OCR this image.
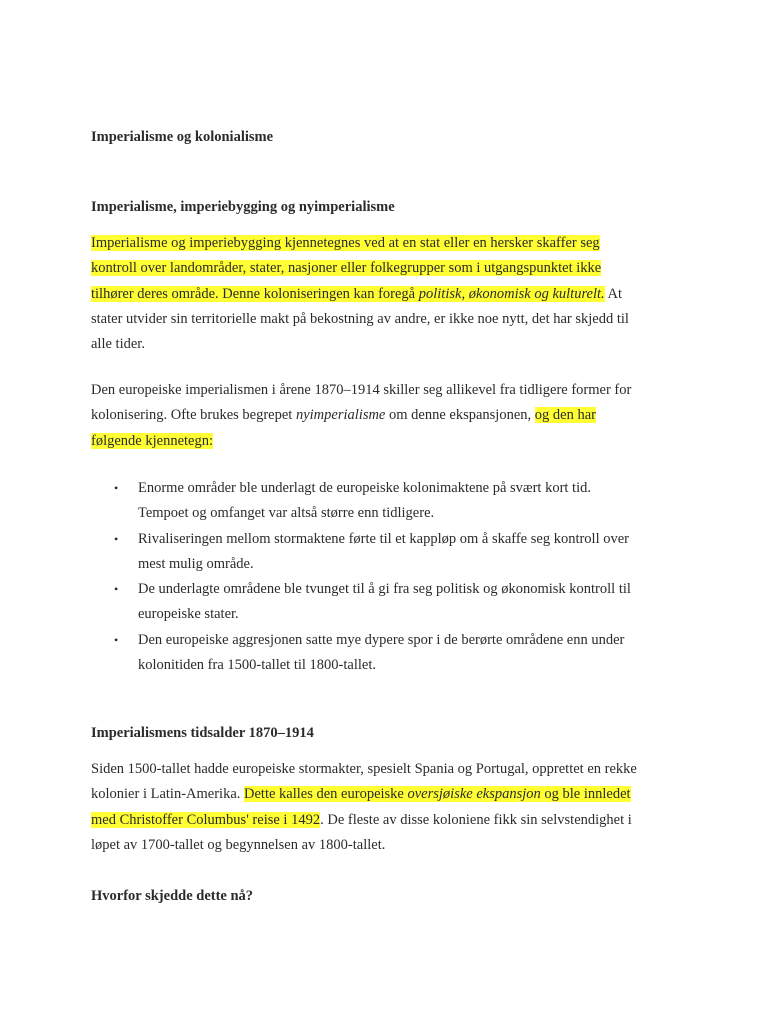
Imperialisme og kolonialisme
Imperialisme, imperiebygging og nyimperialisme
Imperialisme og imperiebygging kjennetegnes ved at en stat eller en hersker skaffer seg
kontroll over landområder, stater, nasjoner eller folkegrupper som i utgangspunktet ikke
tilhører deres område. Denne koloniseringen kan foregå politisk, økonomisk og kulturelt. At
stater utvider sin territorielle makt på bekostning av andre, er ikke noe nytt, det har skjedd til
alle tider.
Den europeiske imperialismen i årene 1870–1914 skiller seg allikevel fra tidligere former for
kolonisering. Ofte brukes begrepet nyimperialisme om denne ekspansjonen, og den har
følgende kjennetegn:
• Enorme områder ble underlagt de europeiske kolonimaktene på svært kort tid.
Tempoet og omfanget var altså større enn tidligere.
• Rivaliseringen mellom stormaktene førte til et kappløp om å skaffe seg kontroll over
mest mulig område.
• De underlagte områdene ble tvunget til å gi fra seg politisk og økonomisk kontroll til
europeiske stater.
• Den europeiske aggresjonen satte mye dypere spor i de berørte områdene enn under
kolonitiden fra 1500-tallet til 1800-tallet.
Imperialismens tidsalder 1870–1914
Siden 1500-tallet hadde europeiske stormakter, spesielt Spania og Portugal, opprettet en rekke
kolonier i Latin-Amerika. Dette kalles den europeiske oversjøiske ekspansjon og ble innledet
med Christoffer Columbus' reise i 1492. De fleste av disse koloniene fikk sin selvstendighet i
løpet av 1700-tallet og begynnelsen av 1800-tallet.
Hvorfor skjedde dette nå?
